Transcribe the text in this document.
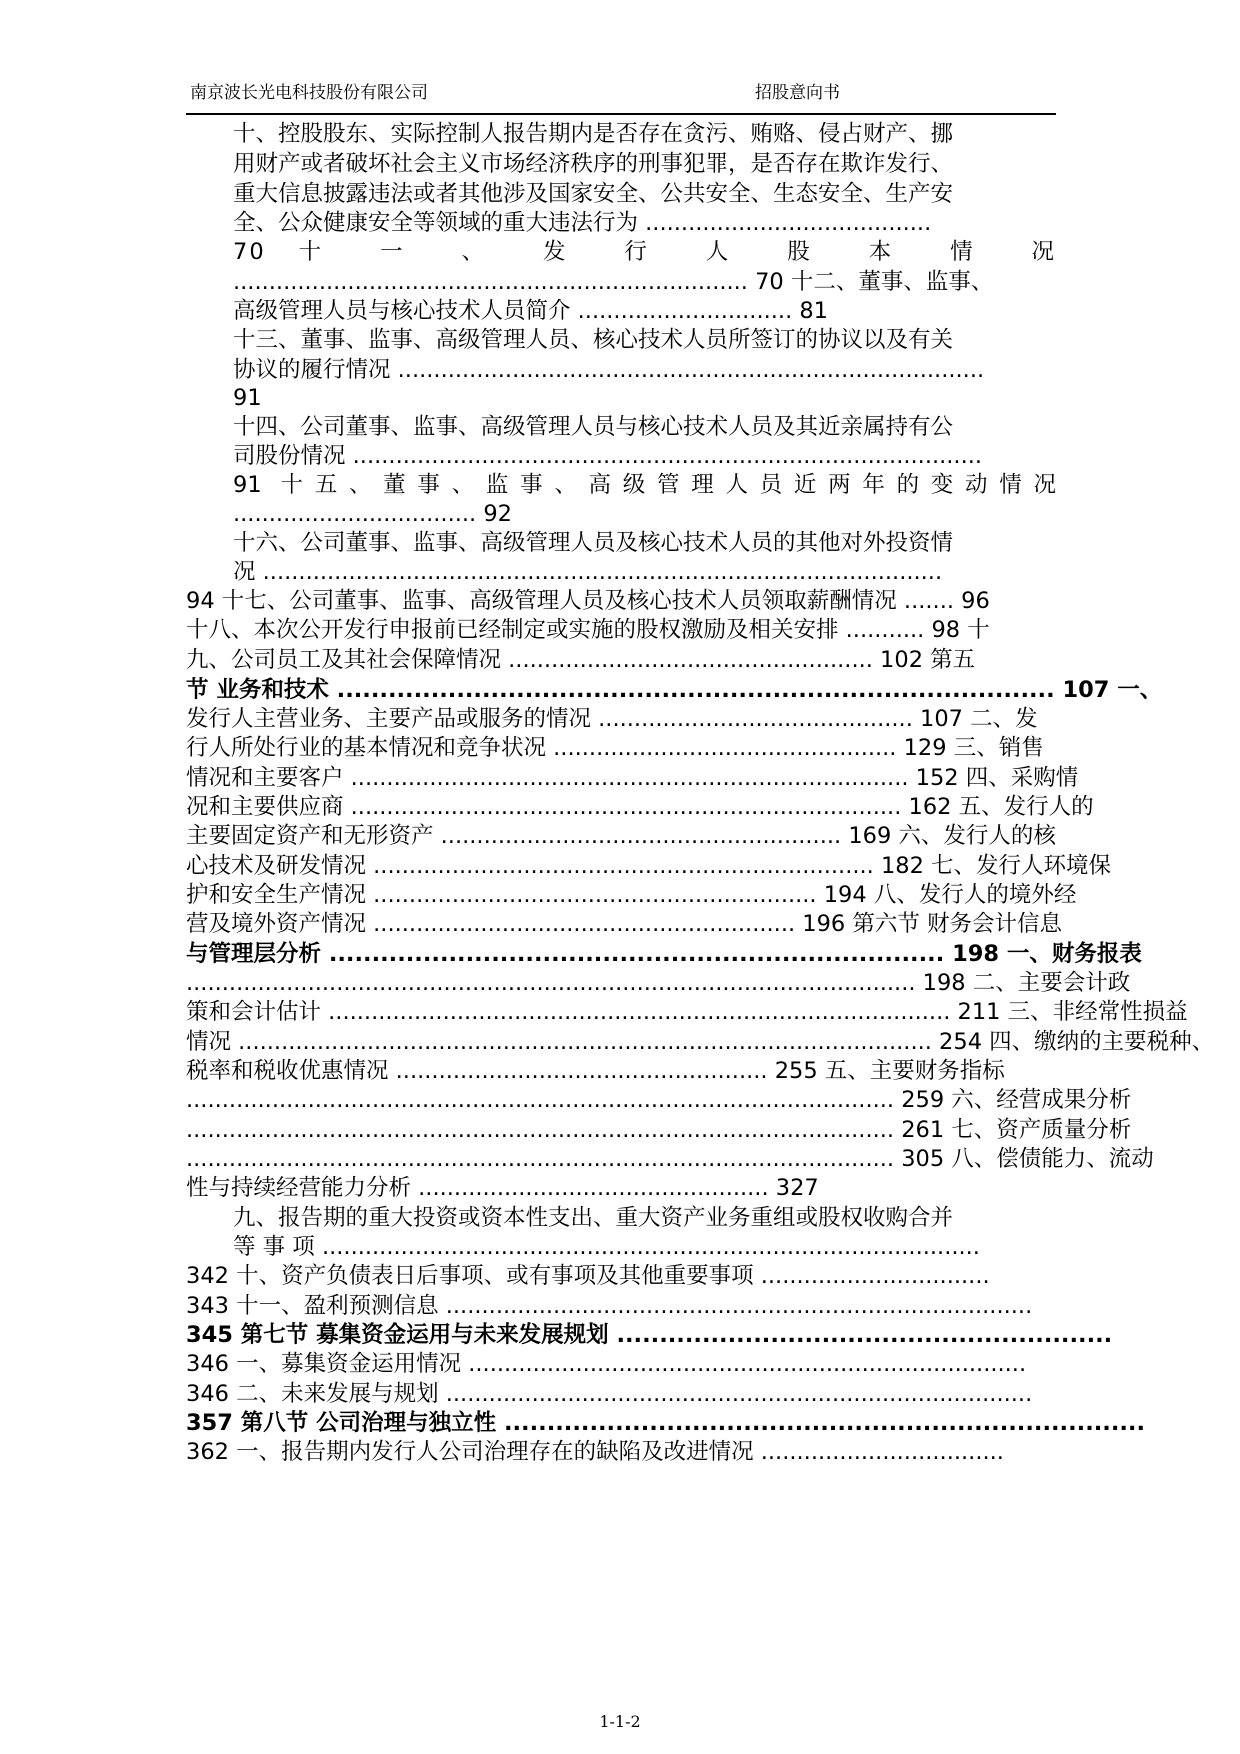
南京波长光电科技股份有限公司	招股意向书
十、控股股东、实际控制人报告期内是否存在贪污、贿赂、侵占财产、挪
用财产或者破坏社会主义市场经济秩序的刑事犯罪，是否存在欺诈发行、
重大信息披露违法或者其他涉及国家安全、公共安全、生态安全、生产安
全、公众健康安全等领域的重大违法行为 ........................................
70 十 一 、 发 行 人 股 本 情 况
........................................................................ 70 十二、董事、监事、
高级管理人员与核心技术人员简介 .............................. 81
十三、董事、监事、高级管理人员、核心技术人员所签订的协议以及有关
协议的履行情况 ..................................................................................
91
十四、公司董事、监事、高级管理人员与核心技术人员及其近亲属持有公
司股份情况 ........................................................................................
91 十五、董事、监事、高级管理人员近两年的变动情况
.................................. 92
十六、公司董事、监事、高级管理人员及核心技术人员的其他对外投资情
况 ...............................................................................................
94 十七、公司董事、监事、高级管理人员及核心技术人员领取薪酬情况 ....... 96
十八、本次公开发行申报前已经制定或实施的股权激励及相关安排 ........... 98 十
九、公司员工及其社会保障情况 ................................................... 102 第五
节 业务和技术 .................................................................................... 107 一、
发行人主营业务、主要产品或服务的情况 ............................................ 107 二、发
行人所处行业的基本情况和竞争状况 ................................................ 129 三、销售
情况和主要客户 .............................................................................. 152 四、采购情
况和主要供应商 ............................................................................. 162 五、发行人的
主要固定资产和无形资产 ........................................................ 169 六、发行人的核
心技术及研发情况 ...................................................................... 182 七、发行人环境保
护和安全生产情况 .............................................................. 194 八、发行人的境外经
营及境外资产情况 ........................................................... 196 第六节 财务会计信息
与管理层分析 ........................................................................ 198 一、财务报表
...................................................................................................... 198 二、主要会计政
策和会计估计 ....................................................................................... 211 三、非经常性损益
情况 ................................................................................................. 254 四、缴纳的主要税种、
税率和税收优惠情况 .................................................... 255 五、主要财务指标
................................................................................................... 259 六、经营成果分析
................................................................................................... 261 七、资产质量分析
................................................................................................... 305 八、偿债能力、流动
性与持续经营能力分析 ................................................. 327
九、报告期的重大投资或资本性支出、重大资产业务重组或股权收购合并
等 事 项 ............................................................................................
342 十、资产负债表日后事项、或有事项及其他重要事项 ................................
343 十一、盈利预测信息 ..................................................................................
345 第七节 募集资金运用与未来发展规划 ..........................................................
346 一、募集资金运用情况 ..............................................................................
346 二、未来发展与规划 ..................................................................................
357 第八节 公司治理与独立性 ...........................................................................
362 一、报告期内发行人公司治理存在的缺陷及改进情况 ..................................
1-1-2
